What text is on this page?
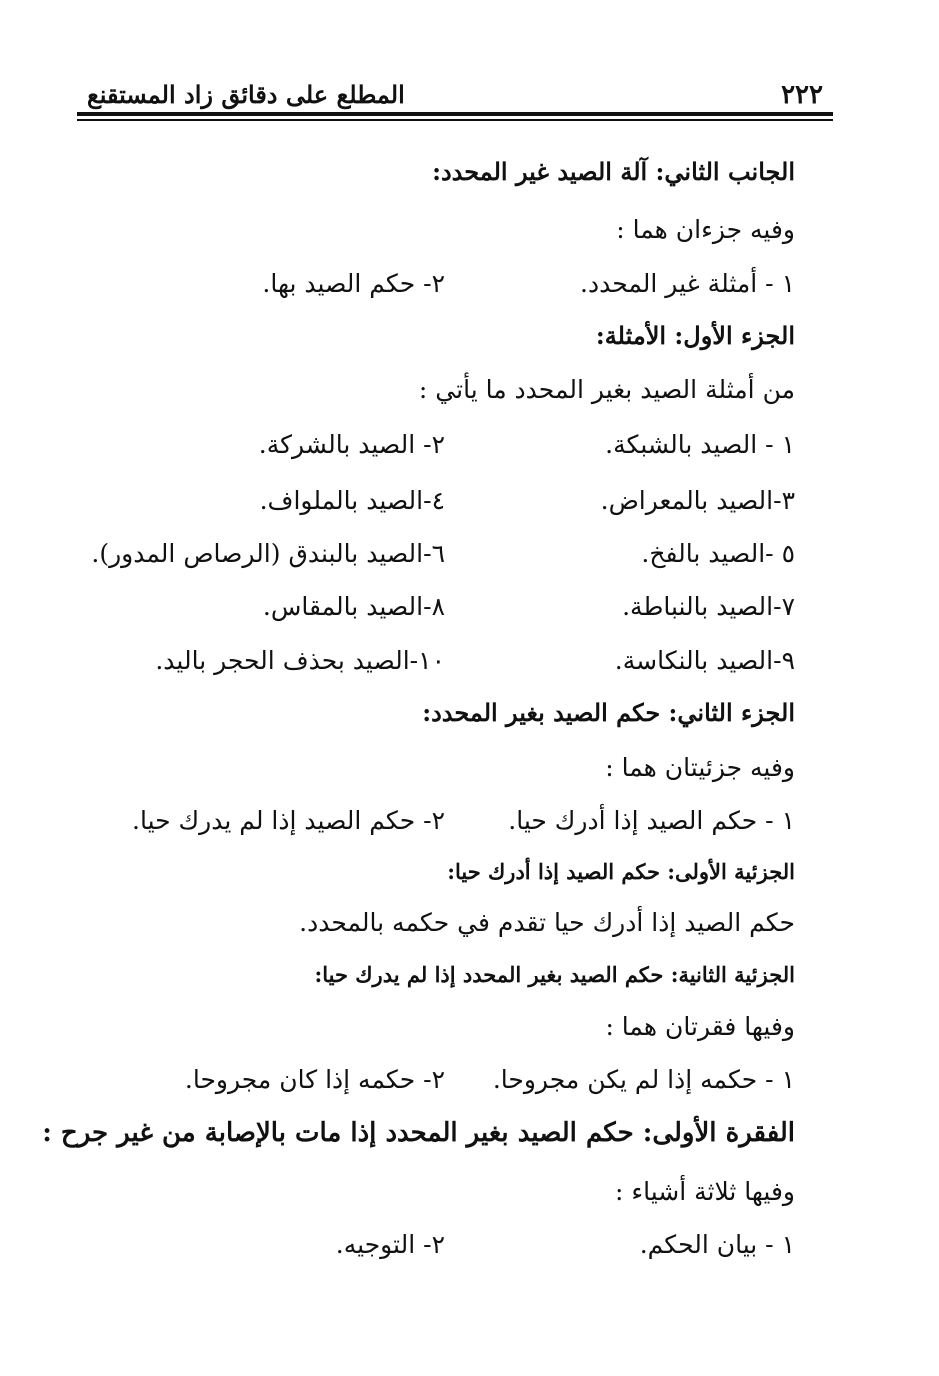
٢٢٢
المطلع على دقائق زاد المستقنع
الجانب الثاني: آلة الصيد غير المحدد:
وفيه جزءان هما :
١ - أمثلة غير المحدد.
٢- حكم الصيد بها.
الجزء الأول: الأمثلة:
من أمثلة الصيد بغير المحدد ما يأتي :
١ - الصيد بالشبكة.
٢- الصيد بالشركة.
٣-الصيد بالمعراض.
٤-الصيد بالملواف.
٥ -الصيد بالفخ.
٦-الصيد بالبندق (الرصاص المدور).
٧-الصيد بالنباطة.
٨-الصيد بالمقاس.
٩-الصيد بالنكاسة.
١٠-الصيد بحذف الحجر باليد.
الجزء الثاني: حكم الصيد بغير المحدد:
وفيه جزئيتان هما :
١ - حكم الصيد إذا أدرك حيا.
٢- حكم الصيد إذا لم يدرك حيا.
الجزئية الأولى: حكم الصيد إذا أدرك حيا:
حكم الصيد إذا أدرك حيا تقدم في حكمه بالمحدد.
الجزئية الثانية: حكم الصيد بغير المحدد إذا لم يدرك حيا:
وفيها فقرتان هما :
١ - حكمه إذا لم يكن مجروحا.
٢- حكمه إذا كان مجروحا.
الفقرة الأولى: حكم الصيد بغير المحدد إذا مات بالإصابة من غير جرح :
وفيها ثلاثة أشياء :
١ - بيان الحكم.
٢- التوجيه.
